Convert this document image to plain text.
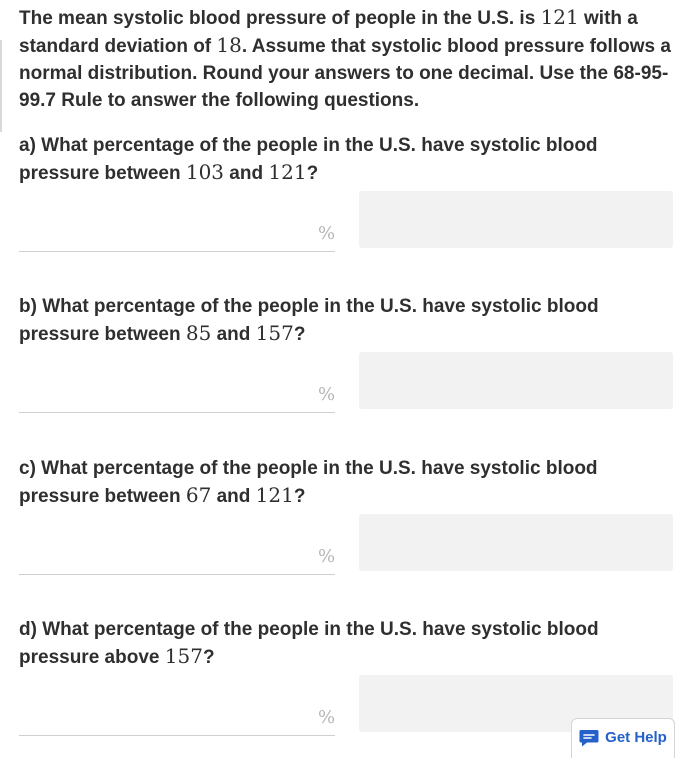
The mean systolic blood pressure of people in the U.S. is 121 with a standard deviation of 18. Assume that systolic blood pressure follows a normal distribution. Round your answers to one decimal. Use the 68-95-99.7 Rule to answer the following questions.

a) What percentage of the people in the U.S. have systolic blood pressure between 103 and 121?

%

b) What percentage of the people in the U.S. have systolic blood pressure between 85 and 157?

%

c) What percentage of the people in the U.S. have systolic blood pressure between 67 and 121?

%

d) What percentage of the people in the U.S. have systolic blood pressure above 157?

%
Get Help
